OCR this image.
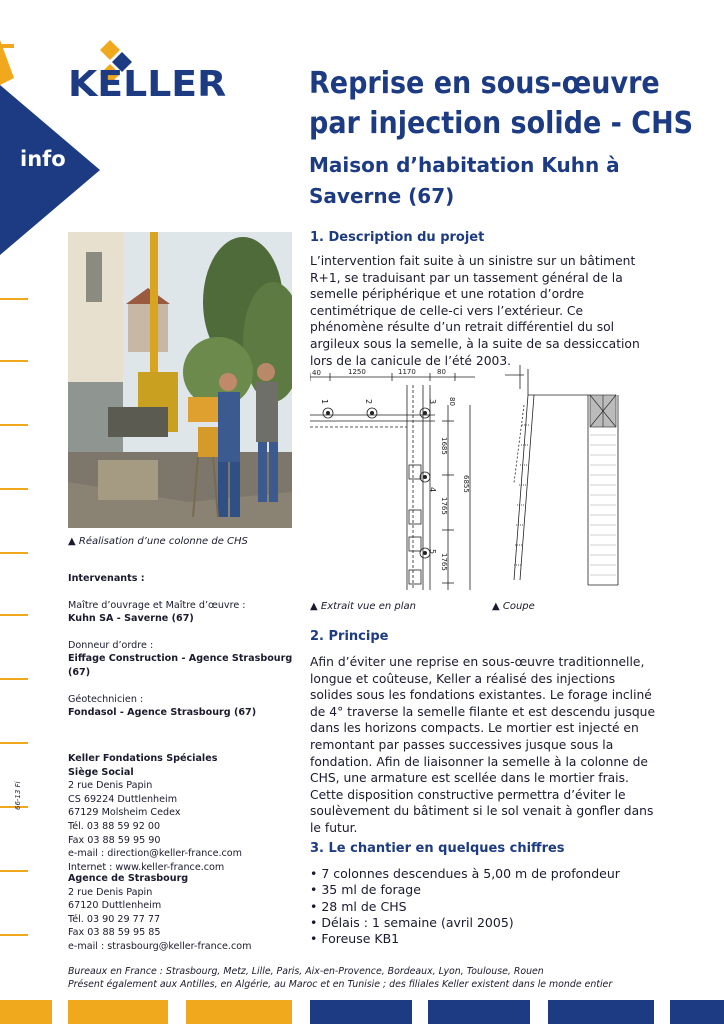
KELLER
info
Reprise en sous-œuvre
par injection solide - CHS
Maison d’habitation Kuhn à
Saverne (67)
1. Description du projet
L’intervention fait suite à un sinistre sur un bâtiment R+1, se traduisant par un tassement général de la semelle périphérique et une rotation d’ordre centimétrique de celle-ci vers l’extérieur. Ce phénomène résulte d’un retrait différentiel du sol argileux sous la semelle, à la suite de sa dessiccation lors de la canicule de l’été 2003.
▲ Réalisation d’une colonne de CHS
40	1250	1170	80
80
1685
6855
1765
1765
1	2	3
4
5
▲ Extrait vue en plan	▲ Coupe
2. Principe
Afin d’éviter une reprise en sous-œuvre traditionnelle, longue et coûteuse, Keller a réalisé des injections solides sous les fondations existantes. Le forage incliné de 4° traverse la semelle filante et est descendu jusque dans les horizons compacts. Le mortier est injecté en remontant par passes successives jusque sous la fondation. Afin de liaisonner la semelle à la colonne de CHS, une armature est scellée dans le mortier frais. Cette disposition constructive permettra d’éviter le soulèvement du bâtiment si le sol venait à gonfler dans le futur.
3. Le chantier en quelques chiffres
• 7 colonnes descendues à 5,00 m de profondeur
• 35 ml de forage
• 28 ml de CHS
• Délais : 1 semaine (avril 2005)
• Foreuse KB1
Intervenants :
Maître d’ouvrage et Maître d’œuvre :
Kuhn SA - Saverne (67)
Donneur d’ordre :
Eiffage Construction - Agence Strasbourg (67)
Géotechnicien :
Fondasol - Agence Strasbourg (67)
Keller Fondations Spéciales
Siège Social
2 rue Denis Papin
CS 69224 Duttlenheim
67129 Molsheim Cedex
Tél. 03 88 59 92 00
Fax 03 88 59 95 90
e-mail : direction@keller-france.com
Internet : www.keller-france.com
Agence de Strasbourg
2 rue Denis Papin
67120 Duttlenheim
Tél. 03 90 29 77 77
Fax 03 88 59 95 85
e-mail : strasbourg@keller-france.com
66-13 Fi

Bureaux en France : Strasbourg, Metz, Lille, Paris, Aix-en-Provence, Bordeaux, Lyon, Toulouse, Rouen

Présent également aux Antilles, en Algérie, au Maroc et en Tunisie ; des filiales Keller existent dans le monde entier
